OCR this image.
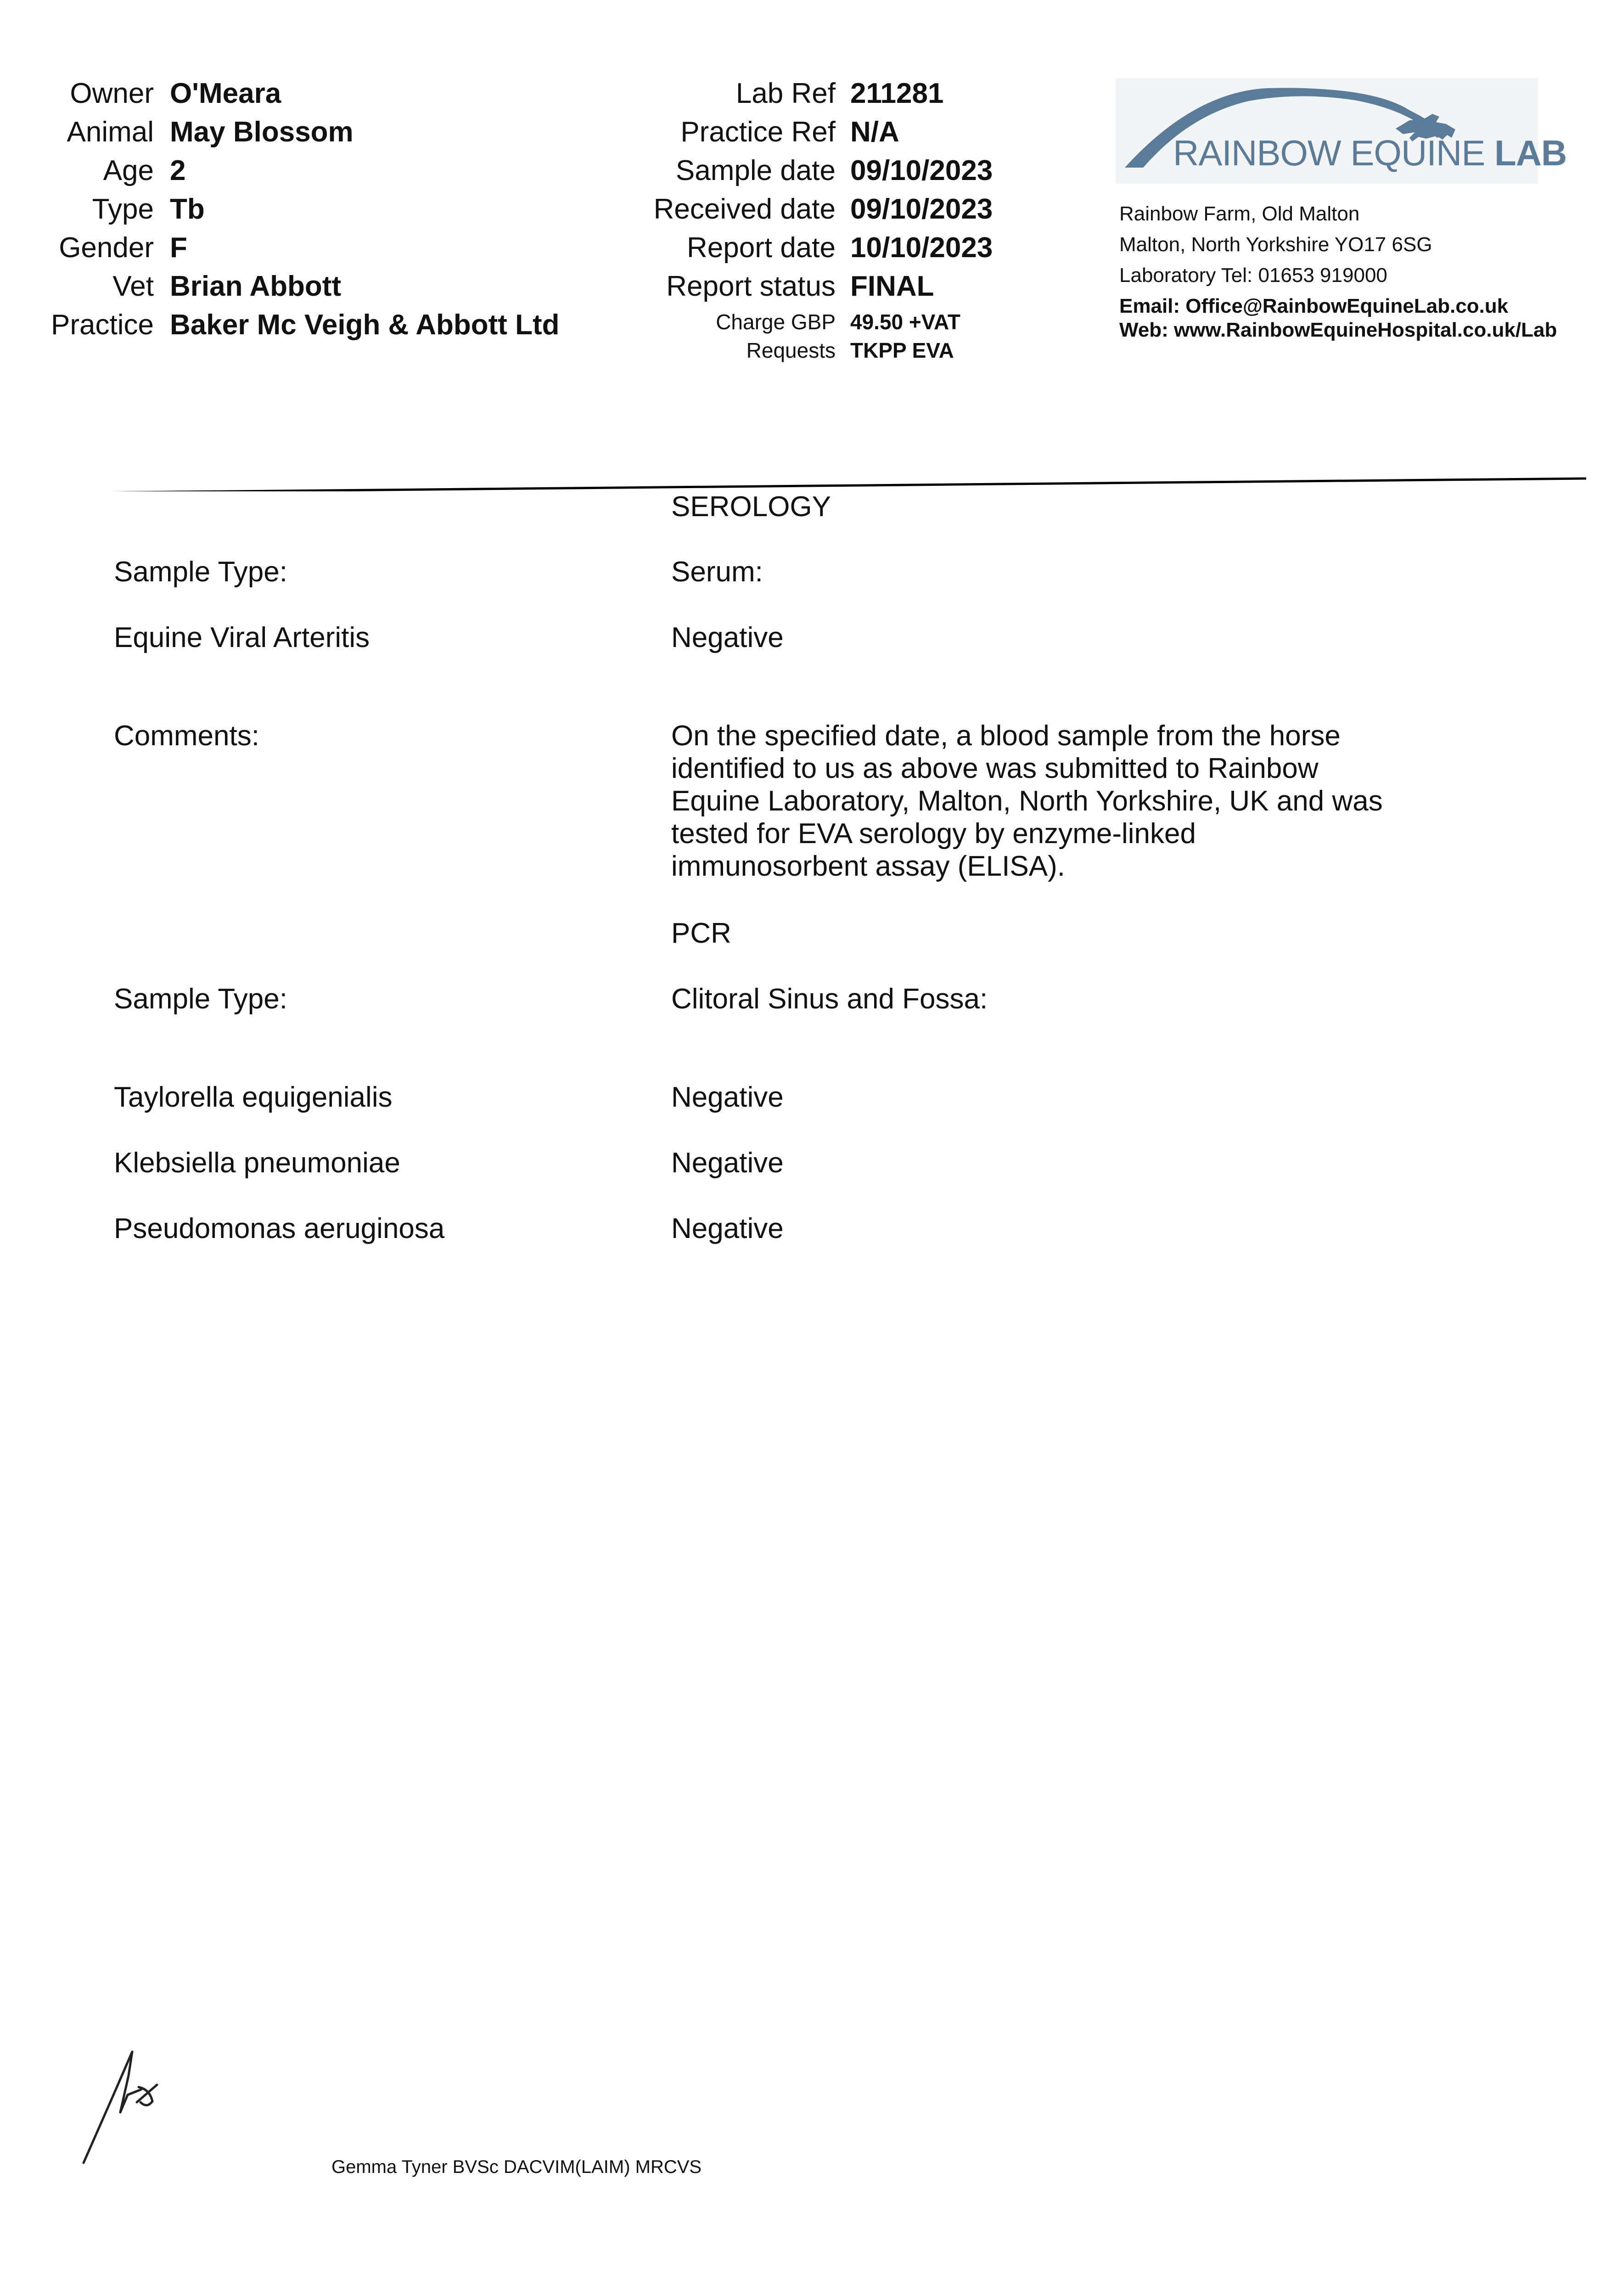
Owner O'Meara
Animal May Blossom
Age 2
Type Tb
Gender F
Vet Brian Abbott
Practice Baker Mc Veigh & Abbott Ltd
Lab Ref 211281
Practice Ref N/A
Sample date 09/10/2023
Received date 09/10/2023
Report date 10/10/2023
Report status FINAL
Charge GBP 49.50 +VAT
Requests TKPP EVA
RAINBOW EQUINE LAB
Rainbow Farm, Old Malton
Malton, North Yorkshire YO17 6SG
Laboratory Tel: 01653 919000
Email: Office@RainbowEquineLab.co.uk
Web: www.RainbowEquineHospital.co.uk/Lab
SEROLOGY
Sample Type:	Serum:
Equine Viral Arteritis	Negative
Comments:	On the specified date, a blood sample from the horse identified to us as above was submitted to Rainbow Equine Laboratory, Malton, North Yorkshire, UK and was tested for EVA serology by enzyme-linked immunosorbent assay (ELISA).
PCR
Sample Type:	Clitoral Sinus and Fossa:
Taylorella equigenialis	Negative
Klebsiella pneumoniae	Negative
Pseudomonas aeruginosa	Negative
Gemma Tyner BVSc DACVIM(LAIM) MRCVS
